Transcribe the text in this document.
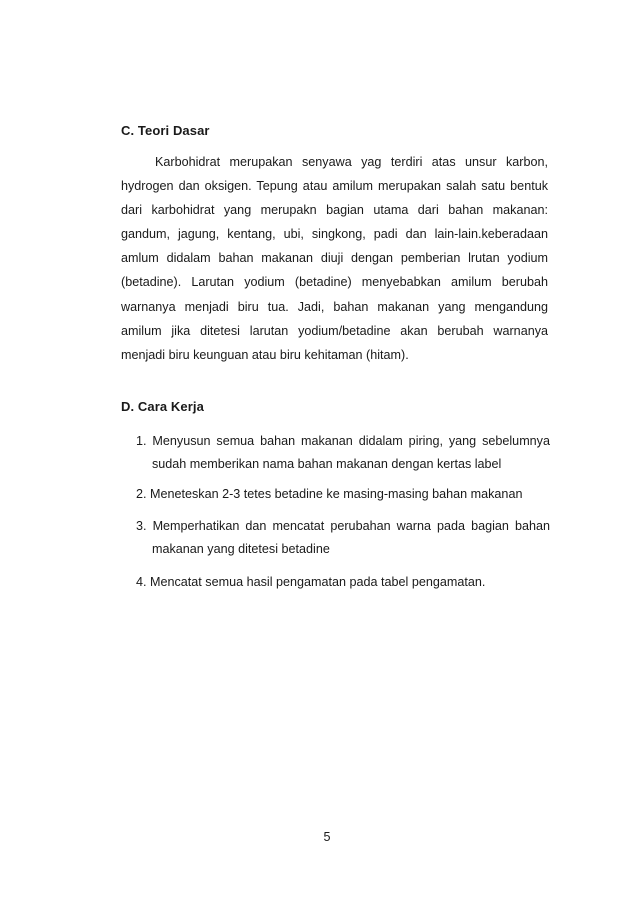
C. Teori Dasar

Karbohidrat merupakan senyawa yag terdiri atas unsur karbon, hydrogen dan oksigen. Tepung atau amilum merupakan salah satu bentuk dari karbohidrat yang merupakn bagian utama dari bahan makanan: gandum, jagung, kentang, ubi, singkong, padi dan lain-lain.keberadaan amlum didalam bahan makanan diuji dengan pemberian lrutan yodium (betadine). Larutan yodium (betadine) menyebabkan amilum berubah warnanya menjadi biru tua. Jadi, bahan makanan yang mengandung amilum jika ditetesi larutan yodium/betadine akan berubah warnanya menjadi biru keunguan atau biru kehitaman (hitam).

D. Cara Kerja
1. Menyusun semua bahan makanan didalam piring, yang sebelumnya
sudah memberikan nama bahan makanan dengan kertas label
2. Meneteskan 2-3 tetes betadine ke masing-masing bahan makanan
3. Memperhatikan dan mencatat perubahan warna pada bagian bahan
makanan yang ditetesi betadine
4. Mencatat semua hasil pengamatan pada tabel pengamatan.
5
